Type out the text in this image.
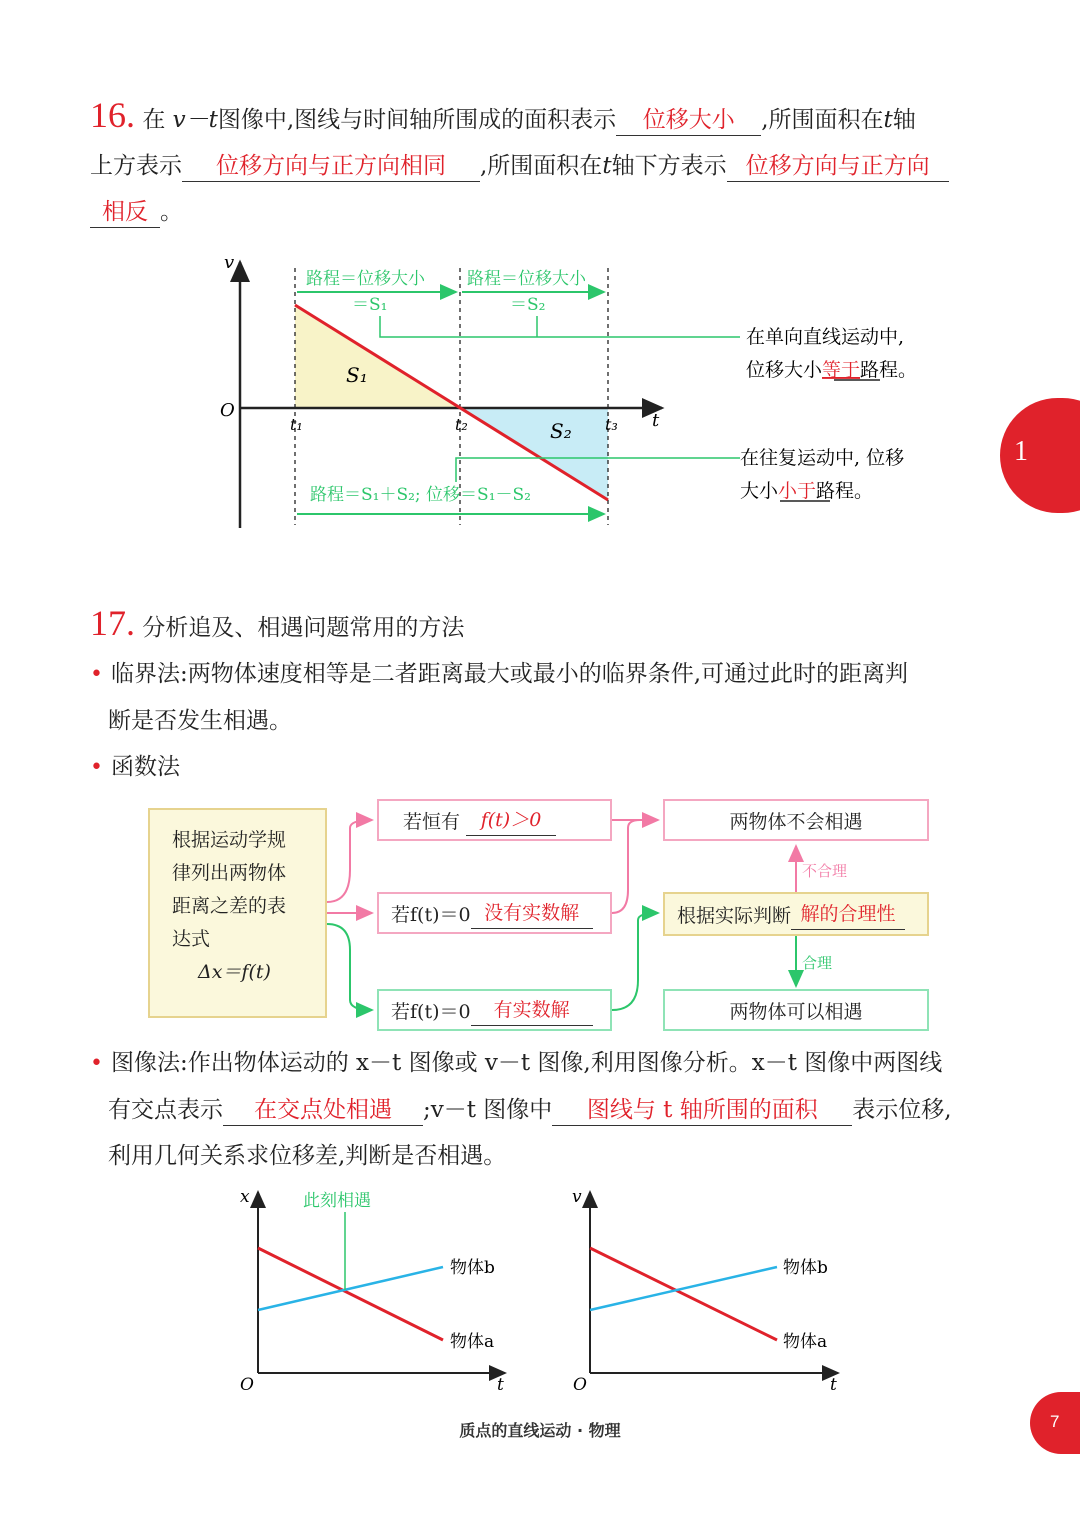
16. 在 v－t图像中,图线与时间轴所围成的面积表示 位移大小 ,所围面积在t轴
上方表示 位移方向与正方向相同 ,所围面积在t轴下方表示 位移方向与正方向
相反 。
v
t
O
t₁	t₂	t₃
S₁
S₂
路程＝位移大小
＝S₁
路程＝位移大小
＝S₂
路程＝S₁＋S₂; 位移＝S₁－S₂
在单向直线运动中,
位移大小等于路程。
在往复运动中, 位移
大小小于路程。
1
17. 分析追及、相遇问题常用的方法
• 临界法:两物体速度相等是二者距离最大或最小的临界条件,可通过此时的距离判
断是否发生相遇。
• 函数法
不合理
合理
根据运动学规
律列出两物体
距离之差的表
达式
Δx＝f(t)
若恒有	f(t)＞0
若f(t)＝0 没有实数解
若f(t)＝0	有实数解
两物体不会相遇
根据实际判断 解的合理性
两物体可以相遇
• 图像法:作出物体运动的 x－t 图像或 v－t 图像,利用图像分析。x－t 图像中两图线
有交点表示 在交点处相遇 ;v－t 图像中 图线与 t 轴所围的面积 表示位移,
利用几何关系求位移差,判断是否相遇。
x
t
O
此刻相遇
物体b
物体a
v
t
O
物体b
物体a
质点的直线运动 · 物理	7
